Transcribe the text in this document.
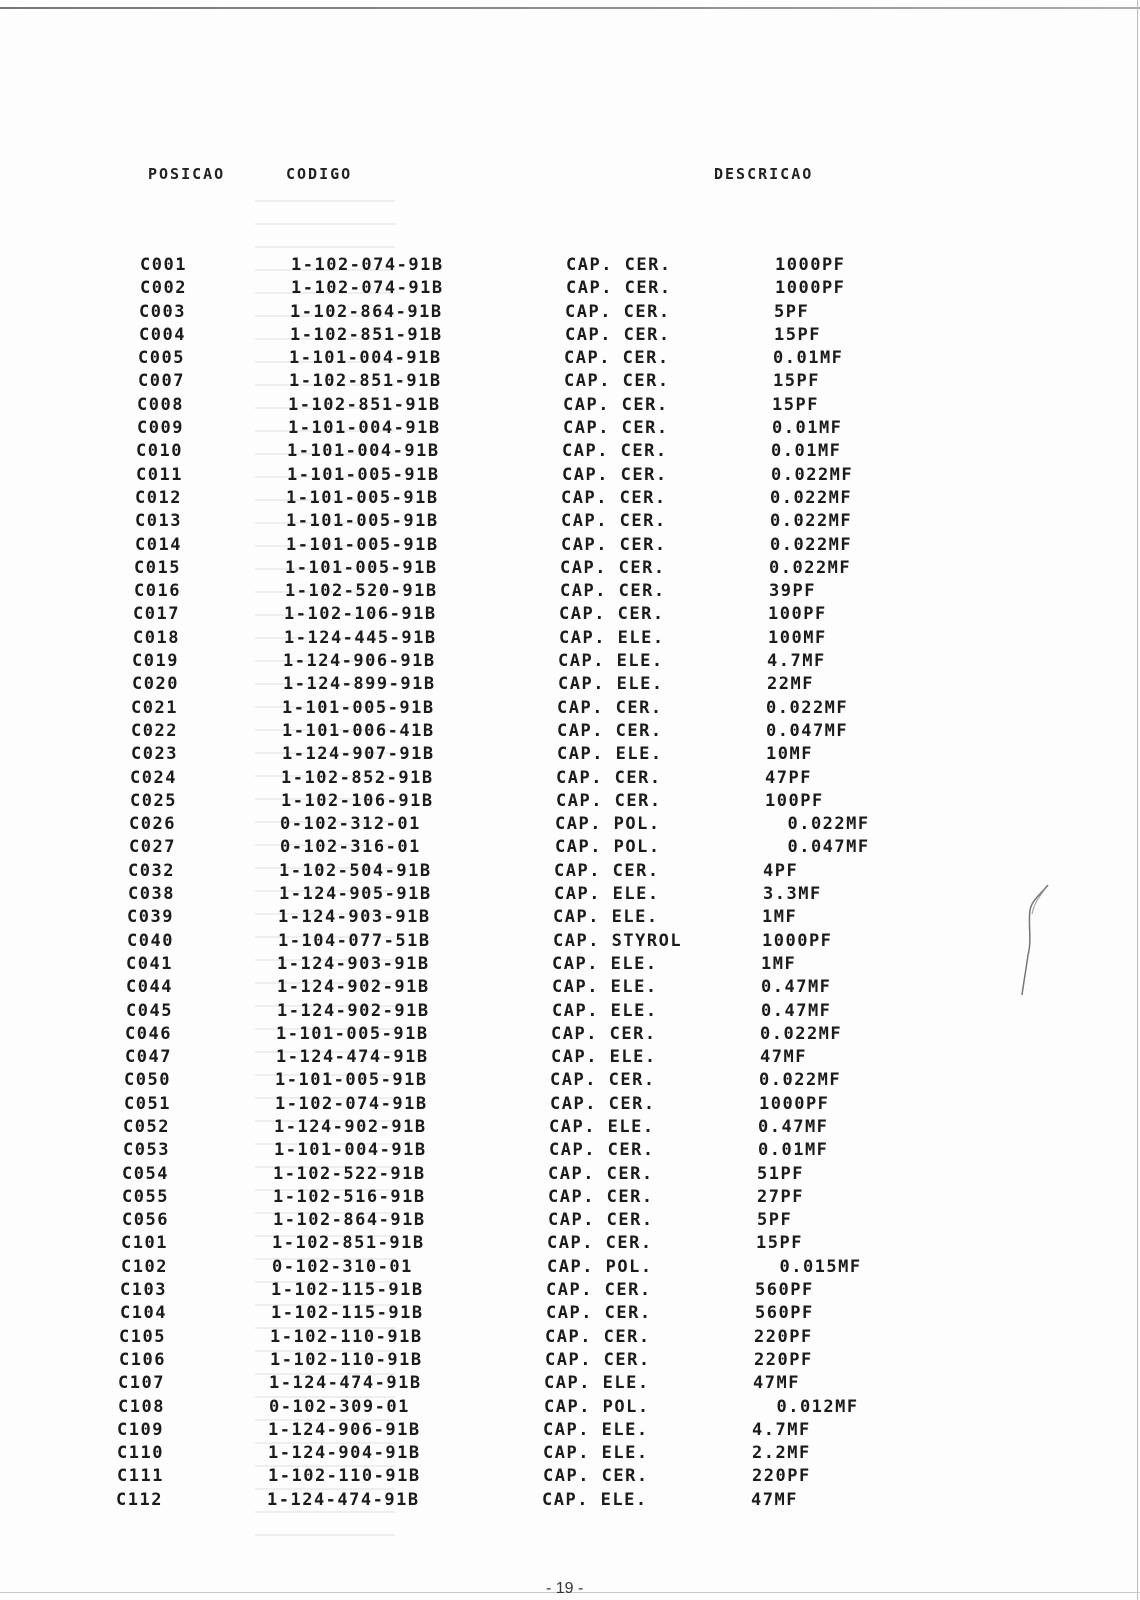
POSICAO	CODIGO	DESCRICAO
C001	1-102-074-91B	CAP. CER.	1000PF
C002	1-102-074-91B	CAP. CER.	1000PF
C003	1-102-864-91B	CAP. CER.	5PF
C004	1-102-851-91B	CAP. CER.	15PF
C005	1-101-004-91B	CAP. CER.	0.01MF
C007	1-102-851-91B	CAP. CER.	15PF
C008	1-102-851-91B	CAP. CER.	15PF
C009	1-101-004-91B	CAP. CER.	0.01MF
C010	1-101-004-91B	CAP. CER.	0.01MF
C011	1-101-005-91B	CAP. CER.	0.022MF
C012	1-101-005-91B	CAP. CER.	0.022MF
C013	1-101-005-91B	CAP. CER.	0.022MF
C014	1-101-005-91B	CAP. CER.	0.022MF
C015	1-101-005-91B	CAP. CER.	0.022MF
C016	1-102-520-91B	CAP. CER.	39PF
C017	1-102-106-91B	CAP. CER.	100PF
C018	1-124-445-91B	CAP. ELE.	100MF
C019	1-124-906-91B	CAP. ELE.	4.7MF
C020	1-124-899-91B	CAP. ELE.	22MF
C021	1-101-005-91B	CAP. CER.	0.022MF
C022	1-101-006-41B	CAP. CER.	0.047MF
C023	1-124-907-91B	CAP. ELE.	10MF
C024	1-102-852-91B	CAP. CER.	47PF
C025	1-102-106-91B	CAP. CER.	100PF
C026	0-102-312-01	CAP. POL.	0.022MF
C027	0-102-316-01	CAP. POL.	0.047MF
C032	1-102-504-91B	CAP. CER.	4PF
C038	1-124-905-91B	CAP. ELE.	3.3MF
C039	1-124-903-91B	CAP. ELE.	1MF
C040	1-104-077-51B	CAP. STYROL	1000PF
C041	1-124-903-91B	CAP. ELE.	1MF
C044	1-124-902-91B	CAP. ELE.	0.47MF
C045	1-124-902-91B	CAP. ELE.	0.47MF
C046	1-101-005-91B	CAP. CER.	0.022MF
C047	1-124-474-91B	CAP. ELE.	47MF
C050	1-101-005-91B	CAP. CER.	0.022MF
C051	1-102-074-91B	CAP. CER.	1000PF
C052	1-124-902-91B	CAP. ELE.	0.47MF
C053	1-101-004-91B	CAP. CER.	0.01MF
C054	1-102-522-91B	CAP. CER.	51PF
C055	1-102-516-91B	CAP. CER.	27PF
C056	1-102-864-91B	CAP. CER.	5PF
C101	1-102-851-91B	CAP. CER.	15PF
C102	0-102-310-01	CAP. POL.	0.015MF
C103	1-102-115-91B	CAP. CER.	560PF
C104	1-102-115-91B	CAP. CER.	560PF
C105	1-102-110-91B	CAP. CER.	220PF
C106	1-102-110-91B	CAP. CER.	220PF
C107	1-124-474-91B	CAP. ELE.	47MF
C108	0-102-309-01	CAP. POL.	0.012MF
C109	1-124-906-91B	CAP. ELE.	4.7MF
C110	1-124-904-91B	CAP. ELE.	2.2MF
C111	1-102-110-91B	CAP. CER.	220PF
C112	1-124-474-91B	CAP. ELE.	47MF
- 19 -
